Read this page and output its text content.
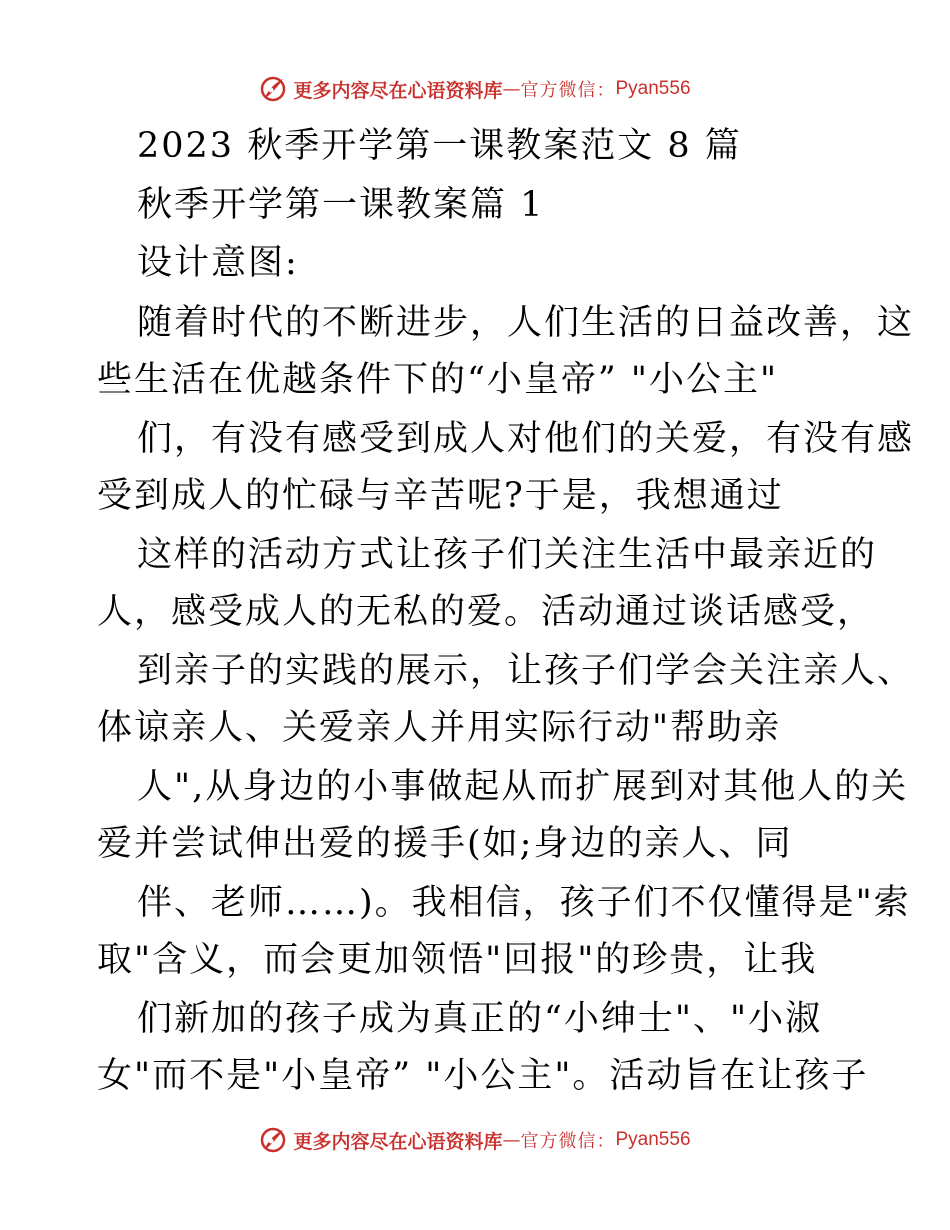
更多内容尽在心语资料库 — 官方微信： Pyan556
2023 秋季开学第一课教案范文 8 篇
秋季开学第一课教案篇 1
设计意图:
随着时代的不断进步，人们生活的日益改善，这
些生活在优越条件下的“小皇帝” "小公主"
们，有没有感受到成人对他们的关爱，有没有感
受到成人的忙碌与辛苦呢?于是，我想通过
这样的活动方式让孩子们关注生活中最亲近的
人，感受成人的无私的爱。活动通过谈话感受，
到亲子的实践的展示，让孩子们学会关注亲人、
体谅亲人、关爱亲人并用实际行动"帮助亲
人",从身边的小事做起从而扩展到对其他人的关
爱并尝试伸出爱的援手(如;身边的亲人、同
伴、老师……)。我相信，孩子们不仅懂得是"索
取"含义，而会更加领悟"回报"的珍贵，让我
们新加的孩子成为真正的“小绅士"、"小淑
女"而不是"小皇帝” "小公主"。活动旨在让孩子
更多内容尽在心语资料库 — 官方微信： Pyan556
